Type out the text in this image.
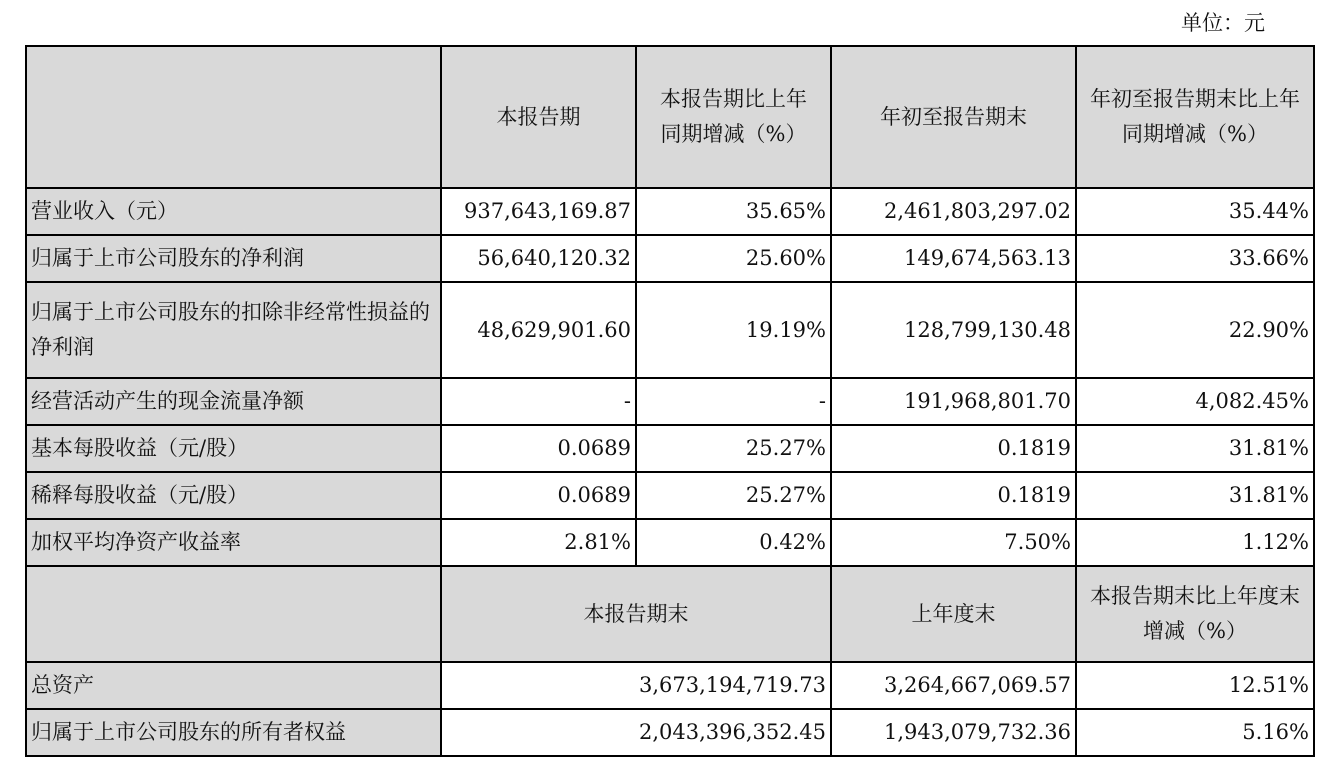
单位：元
	本报告期	本报告期比上年同期增减（%）	年初至报告期末	年初至报告期末比上年同期增减（%）
营业收入（元）	937,643,169.87	35.65%	2,461,803,297.02	35.44%
归属于上市公司股东的净利润	56,640,120.32	25.60%	149,674,563.13	33.66%
归属于上市公司股东的扣除非经常性损益的净利润	48,629,901.60	19.19%	128,799,130.48	22.90%
经营活动产生的现金流量净额	-	-	191,968,801.70	4,082.45%
基本每股收益（元/股）	0.0689	25.27%	0.1819	31.81%
稀释每股收益（元/股）	0.0689	25.27%	0.1819	31.81%
加权平均净资产收益率	2.81%	0.42%	7.50%	1.12%
	本报告期末		上年度末	本报告期末比上年度末增减（%）
总资产	3,673,194,719.73		3,264,667,069.57	12.51%
归属于上市公司股东的所有者权益	2,043,396,352.45		1,943,079,732.36	5.16%
